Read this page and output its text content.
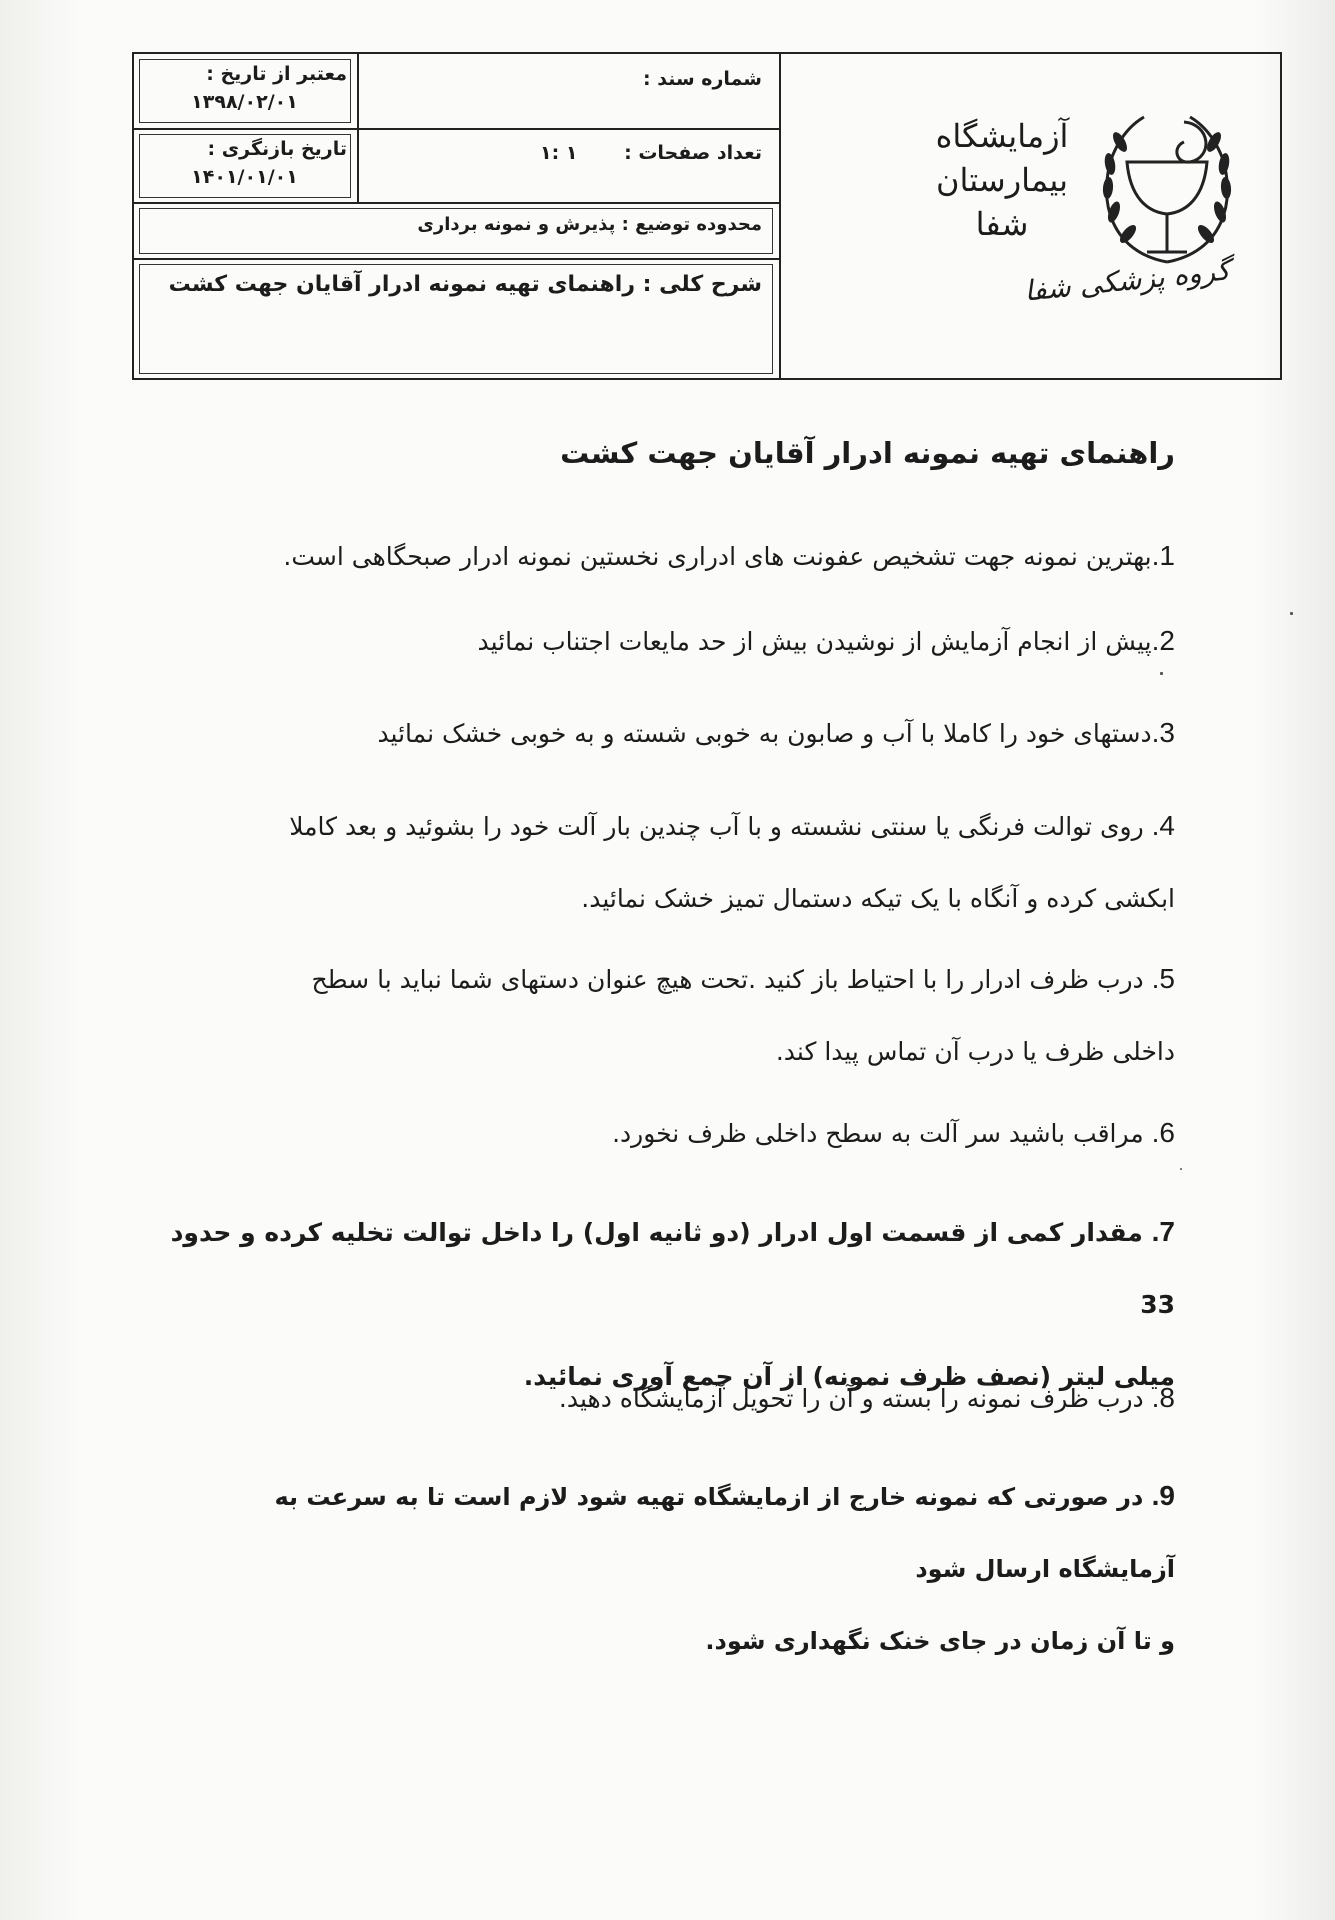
شماره سند :
تعداد صفحات : ۱ :۱
معتبر از تاریخ :
۱۳۹۸/۰۲/۰۱
تاریخ بازنگری :
۱۴۰۱/۰۱/۰۱
محدوده توضیع : پذیرش و نمونه برداری
شرح کلی : راهنمای تهیه نمونه ادرار آقایان جهت کشت
آزمایشگاه
بیمارستان
شفا
گروه پزشکی شفا
راهنمای تهیه نمونه ادرار آقایان جهت کشت
1.بهترین نمونه جهت تشخیص عفونت های ادراری نخستین نمونه ادرار صبحگاهی است.
2.پیش از انجام آزمایش از نوشیدن بیش از حد مایعات اجتناب نمائید
3.دستهای خود را کاملا با آب و صابون به خوبی شسته و به خوبی خشک نمائید
4. روی توالت فرنگی یا سنتی نشسته و با آب چندین بار آلت خود را بشوئید و بعد کاملا
ابکشی کرده و آنگاه با یک تیکه دستمال تمیز خشک نمائید.
5. درب ظرف ادرار را با احتیاط باز کنید .تحت هیچ عنوان دستهای شما نباید با سطح
داخلی ظرف یا درب آن تماس پیدا کند.
6. مراقب باشید سر آلت به سطح داخلی ظرف نخورد.
7. مقدار کمی از قسمت اول ادرار (دو ثانیه اول) را داخل توالت تخلیه کرده و حدود 33
میلی لیتر (نصف ظرف نمونه) از آن جمع آوری نمائید.
8. درب ظرف نمونه را بسته و آن را تحویل آزمایشگاه دهید.
9. در صورتی که نمونه خارج از ازمایشگاه تهیه شود لازم است تا به سرعت به آزمایشگاه ارسال شود
و تا آن زمان در جای خنک نگهداری شود.
